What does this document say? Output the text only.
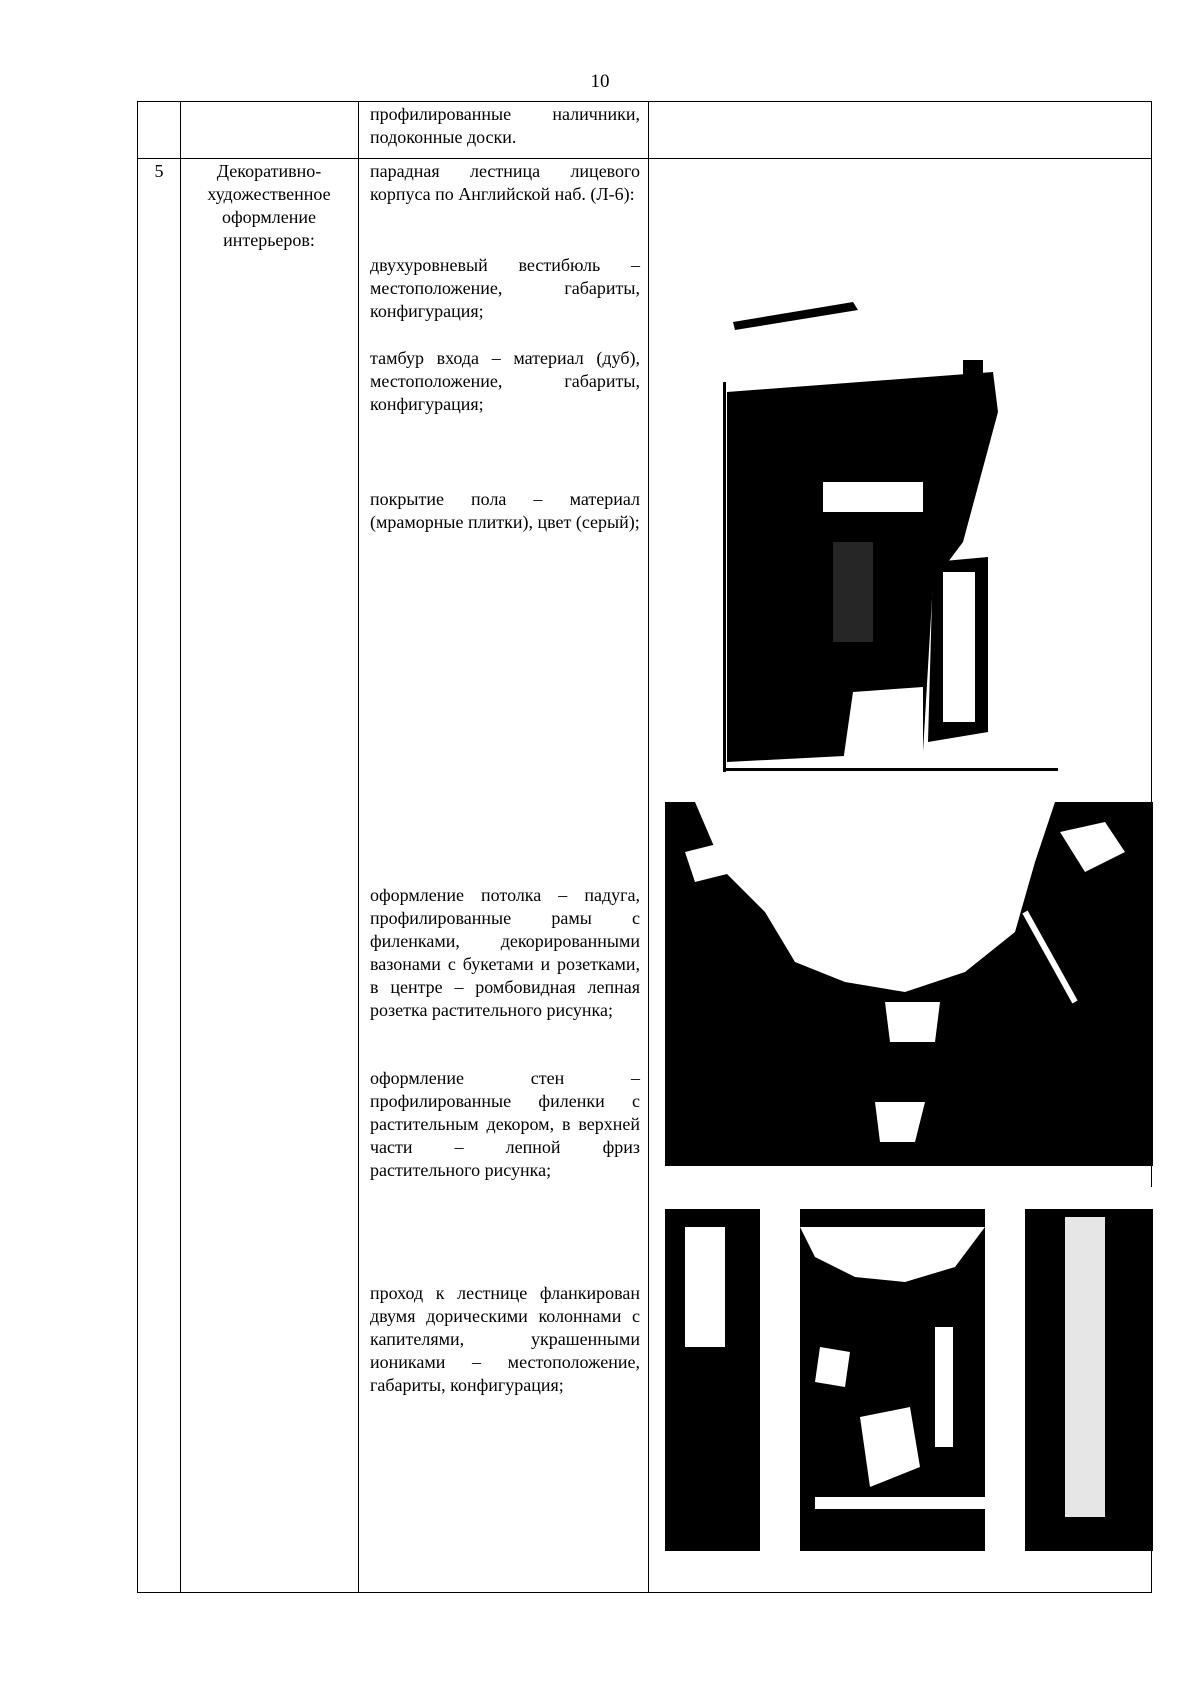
10
профилированные наличники, подоконные доски.
5	Декоративно-художественное оформление интерьеров:
парадная лестница лицевого корпуса по Английской наб. (Л-6):
двухуровневый вестибюль – местоположение, габариты, конфигурация;
тамбур входа – материал (дуб), местоположение, габариты, конфигурация;
покрытие пола – материал (мраморные плитки), цвет (серый);
оформление потолка – падуга, профилированные рамы с филенками, декорированными вазонами с букетами и розетками, в центре – ромбовидная лепная розетка растительного рисунка;
оформление стен – профилированные филенки с растительным декором, в верхней части – лепной фриз растительного рисунка;
проход к лестнице фланкирован двумя дорическими колоннами с капителями, украшенными иониками – местоположение, габариты, конфигурация;
